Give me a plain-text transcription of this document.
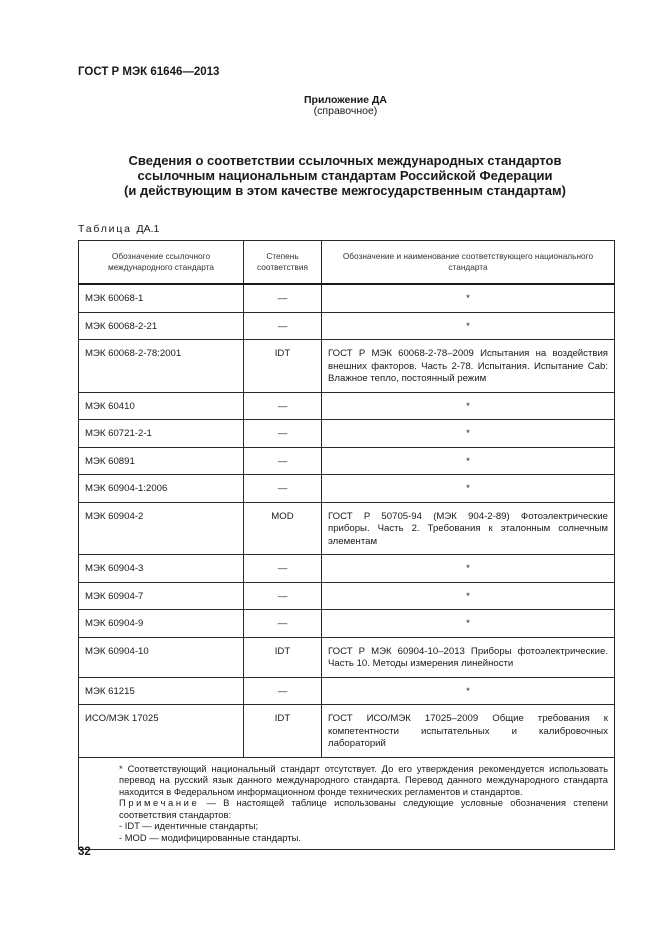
ГОСТ Р МЭК 61646—2013
Приложение ДА
(справочное)
Сведения о соответствии ссылочных международных стандартов
ссылочным национальным стандартам Российской Федерации
(и действующим в этом качестве межгосударственным стандартам)
Таблица ДА.1
Обозначение ссылочного международного стандарта	Степень соответствия	Обозначение и наименование соответствующего национального стандарта
МЭК 60068-1	—	*
МЭК 60068-2-21	—	*
МЭК 60068-2-78:2001	IDT	ГОСТ Р МЭК 60068-2-78–2009 Испытания на воздействия внешних факторов. Часть 2-78. Испытания. Испытание Cab: Влажное тепло, постоянный режим
МЭК 60410	—	*
МЭК 60721-2-1	—	*
МЭК 60891	—	*
МЭК 60904-1:2006	—	*
МЭК 60904-2	MOD	ГОСТ Р 50705-94 (МЭК 904-2-89) Фотоэлектрические приборы. Часть 2. Требования к эталонным солнечным элементам
МЭК 60904-3	—	*
МЭК 60904-7	—	*
МЭК 60904-9	—	*
МЭК 60904-10	IDT	ГОСТ Р МЭК 60904-10–2013 Приборы фотоэлектрические. Часть 10. Методы измерения линейности
МЭК 61215	—	*
ИСО/МЭК 17025	IDT	ГОСТ ИСО/МЭК 17025–2009 Общие требования к компетентности испытательных и калибровочных лабораторий

* Соответствующий национальный стандарт отсутствует. До его утверждения рекомендуется использовать перевод на русский язык данного международного стандарта. Перевод данного международного стандарта находится в Федеральном информационном фонде технических регламентов и стандартов.
Примечание — В настоящей таблице использованы следующие условные обозначения степени соответствия стандартов:
- IDT — идентичные стандарты;
- MOD — модифицированные стандарты.		
32
